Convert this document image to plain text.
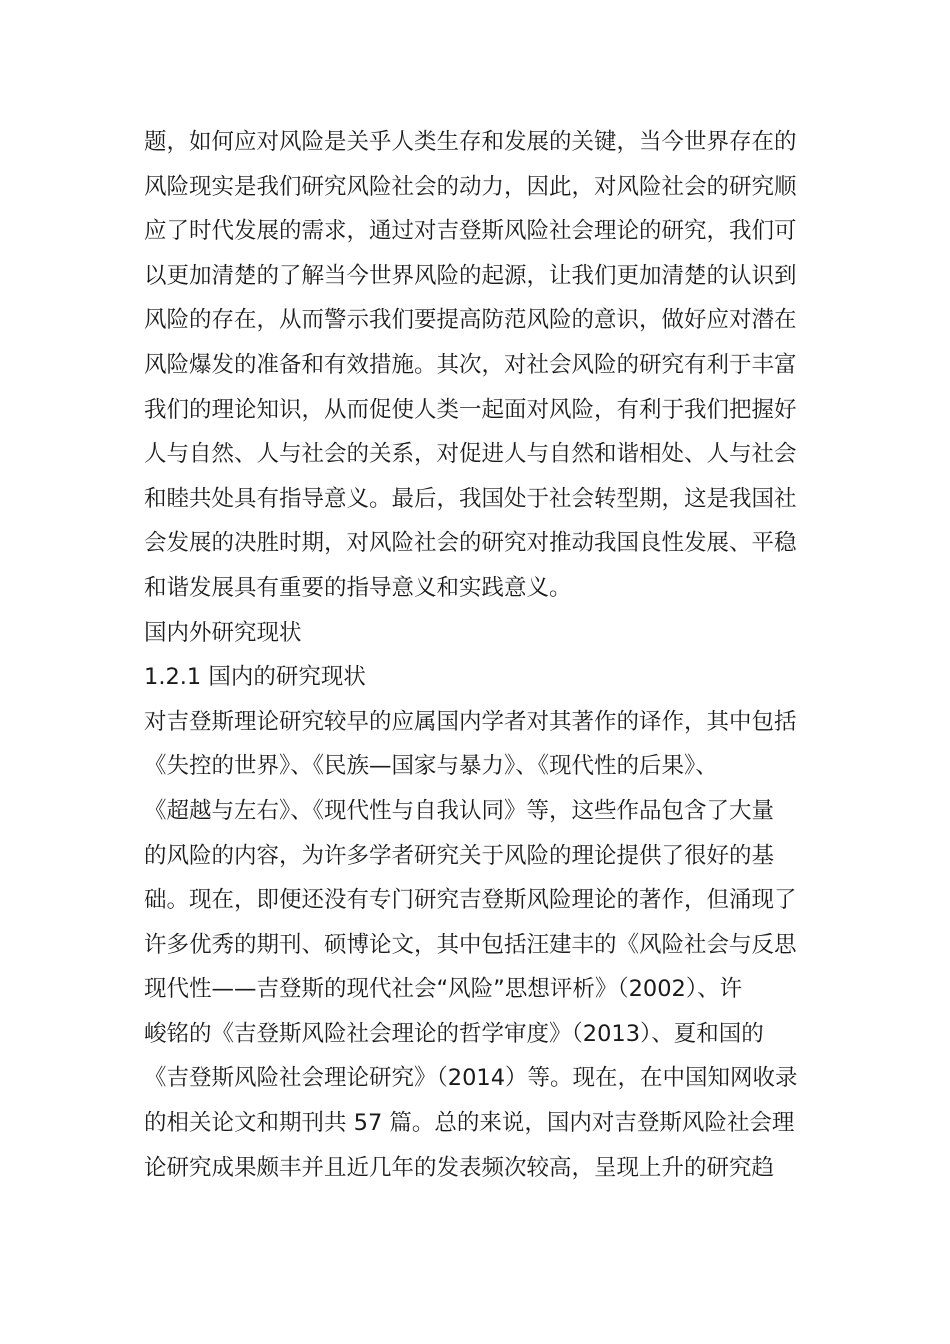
题，如何应对风险是关乎人类生存和发展的关键，当今世界存在的
风险现实是我们研究风险社会的动力，因此，对风险社会的研究顺
应了时代发展的需求，通过对吉登斯风险社会理论的研究，我们可
以更加清楚的了解当今世界风险的起源，让我们更加清楚的认识到
风险的存在，从而警示我们要提高防范风险的意识，做好应对潜在
风险爆发的准备和有效措施。其次，对社会风险的研究有利于丰富
我们的理论知识，从而促使人类一起面对风险，有利于我们把握好
人与自然、人与社会的关系，对促进人与自然和谐相处、人与社会
和睦共处具有指导意义。最后，我国处于社会转型期，这是我国社
会发展的决胜时期，对风险社会的研究对推动我国良性发展、平稳
和谐发展具有重要的指导意义和实践意义。
国内外研究现状
1.2.1 国内的研究现状
对吉登斯理论研究较早的应属国内学者对其著作的译作，其中包括
《失控的世界》、《民族—国家与暴力》、《现代性的后果》、
《超越与左右》、《现代性与自我认同》等，这些作品包含了大量
的风险的内容，为许多学者研究关于风险的理论提供了很好的基
础。现在，即便还没有专门研究吉登斯风险理论的著作，但涌现了
许多优秀的期刊、硕博论文，其中包括汪建丰的《风险社会与反思
现代性——吉登斯的现代社会“风险”思想评析》（2002）、许
峻铭的《吉登斯风险社会理论的哲学审度》（2013）、夏和国的
《吉登斯风险社会理论研究》（2014）等。现在，在中国知网收录
的相关论文和期刊共 57 篇。总的来说，国内对吉登斯风险社会理
论研究成果颇丰并且近几年的发表频次较高，呈现上升的研究趋
